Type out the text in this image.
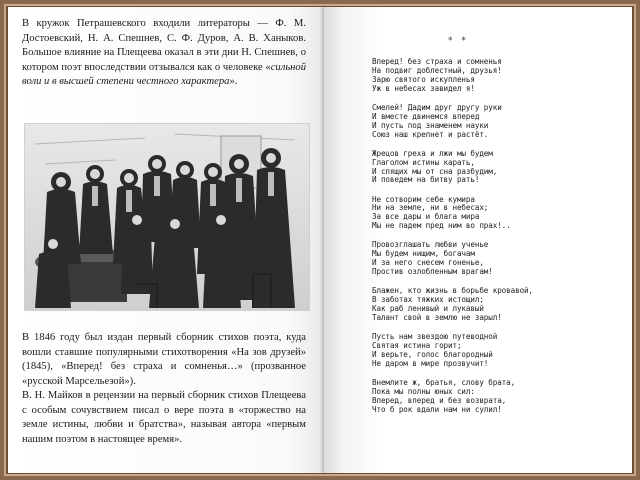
В кружок Петрашевского входили литераторы — Ф. М. Достоевский, Н. А. Спешнев, С. Ф. Дуров, А. В. Ханыков. Большое влияние на Плещеева оказал в эти дни Н. Спешнев, о котором поэт впоследствии отзывался как о человеке «сильной воли и в высшей степени честного характера».
В 1846 году был издан первый сборник стихов поэта, куда вошли ставшие популярными стихотворения «На зов друзей» (1845), «Вперед! без страха и сомненья…» (прозванное «русской Марсельезой»).
В. Н. Майков в рецензии на первый сборник стихов Плещеева с особым сочувствием писал о вере поэта в «торжество на земле истины, любви и братства», называя автора «первым нашим поэтом в настоящее время».
* *
Вперед! без страха и сомненья
На подвиг доблестный, друзья!
Зарю святого искупленья
Уж в небесах завидел я!
Смелей! Дадим друг другу руки
И вместе двинемся вперед
И пусть под знаменем науки
Союз наш крепнет и растёт.
Жрецов греха и лжи мы будем
Глаголом истины карать,
И спящих мы от сна разбудим,
И поведем на битву рать!
Не сотворим себе кумира
Ни на земле, ни в небесах;
За все дары и блага мира
Мы не падем пред ним во прах!..
Провозглашать любви ученье
Мы будем нищим, богачам
И за него снесем гоненье,
Простив озлобленным врагам!
Блажен, кто жизнь в борьбе кровавой,
В заботах тяжких истощил;
Как раб ленивый и лукавый
Талант свой в землю не зарыл!
Пусть нам звездою путеводной
Святая истина горит;
И верьте, голос благородный
Не даром в мире прозвучит!
Внемлите ж, братья, слову брата,
Пока мы полны юных сил:
Вперед, вперед и без возврата,
Что б рок вдали нам ни сулил!
